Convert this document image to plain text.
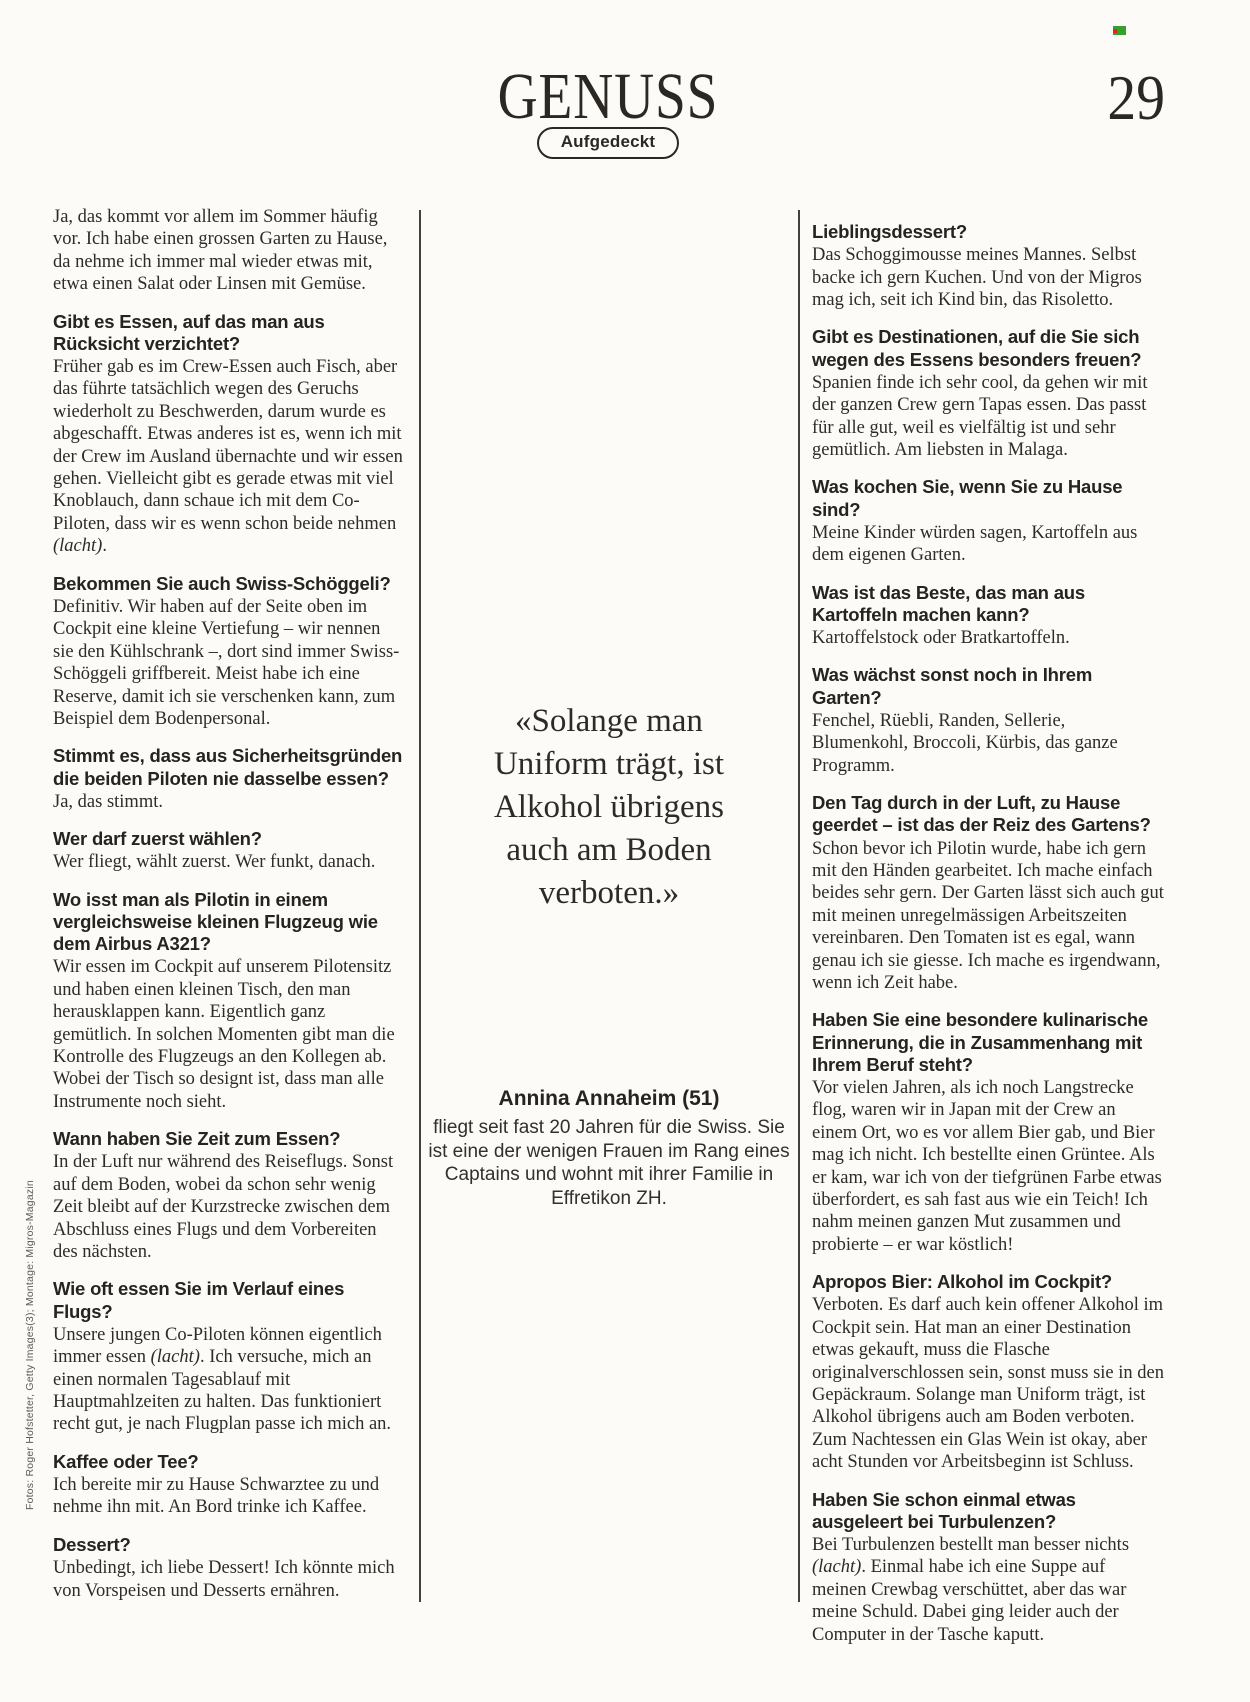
GENUSS	29
Aufgedeckt

Ja, das kommt vor allem im Sommer häufig vor. Ich habe einen grossen Garten zu Hause, da nehme ich immer mal wieder etwas mit, etwa einen Salat oder Linsen mit Gemüse.

Gibt es Essen, auf das man aus Rücksicht verzichtet?

Früher gab es im Crew-Essen auch Fisch, aber das führte tatsächlich wegen des Geruchs wiederholt zu Beschwerden, darum wurde es abgeschafft. Etwas anderes ist es, wenn ich mit der Crew im Ausland übernachte und wir essen gehen. Vielleicht gibt es gerade etwas mit viel Knoblauch, dann schaue ich mit dem Co-Piloten, dass wir es wenn schon beide nehmen (lacht).

Bekommen Sie auch Swiss-Schöggeli?

Definitiv. Wir haben auf der Seite oben im Cockpit eine kleine Vertiefung – wir nennen sie den Kühlschrank –, dort sind immer Swiss-Schöggeli griffbereit. Meist habe ich eine Reserve, damit ich sie verschenken kann, zum Beispiel dem Bodenpersonal.

Stimmt es, dass aus Sicherheitsgründen die beiden Piloten nie dasselbe essen?

Ja, das stimmt.

Wer darf zuerst wählen?

Wer fliegt, wählt zuerst. Wer funkt, danach.

Wo isst man als Pilotin in einem vergleichsweise kleinen Flugzeug wie dem Airbus A321?

Wir essen im Cockpit auf unserem Pilotensitz und haben einen kleinen Tisch, den man herausklappen kann. Eigentlich ganz gemütlich. In solchen Momenten gibt man die Kontrolle des Flugzeugs an den Kollegen ab. Wobei der Tisch so designt ist, dass man alle Instrumente noch sieht.

Wann haben Sie Zeit zum Essen?

In der Luft nur während des Reiseflugs. Sonst auf dem Boden, wobei da schon sehr wenig Zeit bleibt auf der Kurzstrecke zwischen dem Abschluss eines Flugs und dem Vorbereiten des nächsten.

Wie oft essen Sie im Verlauf eines Flugs?

Unsere jungen Co-Piloten können eigentlich immer essen (lacht). Ich versuche, mich an einen normalen Tagesablauf mit Hauptmahlzeiten zu halten. Das funktioniert recht gut, je nach Flugplan passe ich mich an.

Kaffee oder Tee?

Ich bereite mir zu Hause Schwarztee zu und nehme ihn mit. An Bord trinke ich Kaffee.

Dessert?

Unbedingt, ich liebe Dessert! Ich könnte mich von Vorspeisen und Desserts ernähren.

«Solange man
Uniform trägt, ist
Alkohol übrigens
auch am Boden
verboten.»

Annina Annaheim (51)

fliegt seit fast 20 Jahren für die Swiss. Sie ist eine der wenigen Frauen im Rang eines Captains und wohnt mit ihrer Familie in Effretikon ZH.

Lieblingsdessert?

Das Schoggimousse meines Mannes. Selbst backe ich gern Kuchen. Und von der Migros mag ich, seit ich Kind bin, das Risoletto.

Gibt es Destinationen, auf die Sie sich wegen des Essens besonders freuen?

Spanien finde ich sehr cool, da gehen wir mit der ganzen Crew gern Tapas essen. Das passt für alle gut, weil es vielfältig ist und sehr gemütlich. Am liebsten in Malaga.

Was kochen Sie, wenn Sie zu Hause sind?

Meine Kinder würden sagen, Kartoffeln aus dem eigenen Garten.

Was ist das Beste, das man aus Kartoffeln machen kann?

Kartoffelstock oder Bratkartoffeln.

Was wächst sonst noch in Ihrem Garten?

Fenchel, Rüebli, Randen, Sellerie, Blumenkohl, Broccoli, Kürbis, das ganze Programm.

Den Tag durch in der Luft, zu Hause geerdet – ist das der Reiz des Gartens?

Schon bevor ich Pilotin wurde, habe ich gern mit den Händen gearbeitet. Ich mache einfach beides sehr gern. Der Garten lässt sich auch gut mit meinen unregelmässigen Arbeitszeiten vereinbaren. Den Tomaten ist es egal, wann genau ich sie giesse. Ich mache es irgendwann, wenn ich Zeit habe.

Haben Sie eine besondere kulinarische Erinnerung, die in Zusammenhang mit Ihrem Beruf steht?

Vor vielen Jahren, als ich noch Langstrecke flog, waren wir in Japan mit der Crew an einem Ort, wo es vor allem Bier gab, und Bier mag ich nicht. Ich bestellte einen Grüntee. Als er kam, war ich von der tiefgrünen Farbe etwas überfordert, es sah fast aus wie ein Teich! Ich nahm meinen ganzen Mut zusammen und probierte – er war köstlich!

Apropos Bier: Alkohol im Cockpit?

Verboten. Es darf auch kein offener Alkohol im Cockpit sein. Hat man an einer Destination etwas gekauft, muss die Flasche originalverschlossen sein, sonst muss sie in den Gepäckraum. Solange man Uniform trägt, ist Alkohol übrigens auch am Boden verboten. Zum Nachtessen ein Glas Wein ist okay, aber acht Stunden vor Arbeitsbeginn ist Schluss.

Haben Sie schon einmal etwas ausgeleert bei Turbulenzen?

Bei Turbulenzen bestellt man besser nichts (lacht). Einmal habe ich eine Suppe auf meinen Crewbag verschüttet, aber das war meine Schuld. Dabei ging leider auch der Computer in der Tasche kaputt.

Fotos: Roger Hofstetter, Getty Images(3); Montage: Migros-Magazin
